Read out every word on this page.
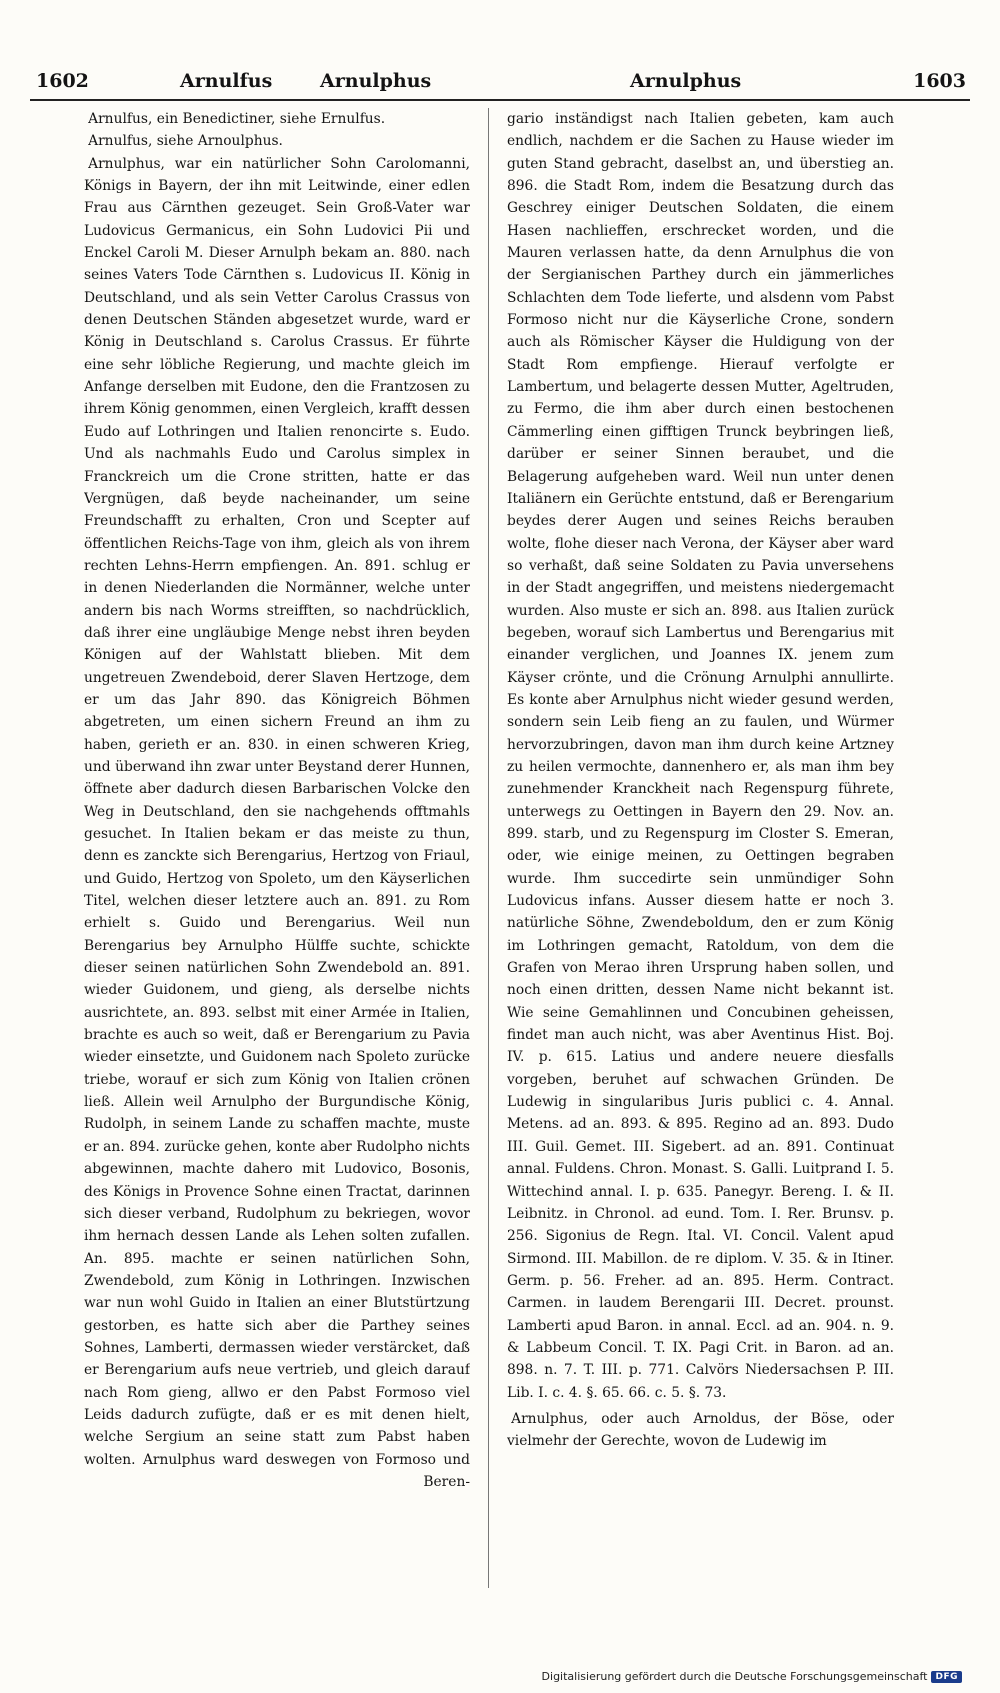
1602	Arnulfus	Arnulphus	Arnulphus	1603

Arnulfus, ein Benedictiner, siehe Ernulfus.

Arnulfus, siehe Arnoulphus.

Arnulphus, war ein natürlicher Sohn Carolomanni, Königs in Bayern, der ihn mit Leitwinde, einer edlen Frau aus Cärnthen gezeuget. Sein Groß-Vater war Ludovicus Germanicus, ein Sohn Ludovici Pii und Enckel Caroli M. Dieser Arnulph bekam an. 880. nach seines Vaters Tode Cärnthen s. Ludovicus II. König in Deutschland, und als sein Vetter Carolus Crassus von denen Deutschen Ständen abgesetzet wurde, ward er König in Deutschland s. Carolus Crassus. Er führte eine sehr löbliche Regierung, und machte gleich im Anfange derselben mit Eudone, den die Frantzosen zu ihrem König genommen, einen Vergleich, krafft dessen Eudo auf Lothringen und Italien renoncirte s. Eudo. Und als nachmahls Eudo und Carolus simplex in Franckreich um die Crone stritten, hatte er das Vergnügen, daß beyde nacheinander, um seine Freundschafft zu erhalten, Cron und Scepter auf öffentlichen Reichs-Tage von ihm, gleich als von ihrem rechten Lehns-Herrn empfiengen. An. 891. schlug er in denen Niederlanden die Normänner, welche unter andern bis nach Worms streifften, so nachdrücklich, daß ihrer eine ungläubige Menge nebst ihren beyden Königen auf der Wahlstatt blieben. Mit dem ungetreuen Zwendeboid, derer Slaven Hertzoge, dem er um das Jahr 890. das Königreich Böhmen abgetreten, um einen sichern Freund an ihm zu haben, gerieth er an. 830. in einen schweren Krieg, und überwand ihn zwar unter Beystand derer Hunnen, öffnete aber dadurch diesen Barbarischen Volcke den Weg in Deutschland, den sie nachgehends offtmahls gesuchet. In Italien bekam er das meiste zu thun, denn es zanckte sich Berengarius, Hertzog von Friaul, und Guido, Hertzog von Spoleto, um den Käyserlichen Titel, welchen dieser letztere auch an. 891. zu Rom erhielt s. Guido und Berengarius. Weil nun Berengarius bey Arnulpho Hülffe suchte, schickte dieser seinen natürlichen Sohn Zwendebold an. 891. wieder Guidonem, und gieng, als derselbe nichts ausrichtete, an. 893. selbst mit einer Armée in Italien, brachte es auch so weit, daß er Berengarium zu Pavia wieder einsetzte, und Guidonem nach Spoleto zurücke triebe, worauf er sich zum König von Italien crönen ließ. Allein weil Arnulpho der Burgundische König, Rudolph, in seinem Lande zu schaffen machte, muste er an. 894. zurücke gehen, konte aber Rudolpho nichts abgewinnen, machte dahero mit Ludovico, Bosonis, des Königs in Provence Sohne einen Tractat, darinnen sich dieser verband, Rudolphum zu bekriegen, wovor ihm hernach dessen Lande als Lehen solten zufallen. An. 895. machte er seinen natürlichen Sohn, Zwendebold, zum König in Lothringen. Inzwischen war nun wohl Guido in Italien an einer Blutstürtzung gestorben, es hatte sich aber die Parthey seines Sohnes, Lamberti, dermassen wieder verstärcket, daß er Berengarium aufs neue vertrieb, und gleich darauf nach Rom gieng, allwo er den Pabst Formoso viel Leids dadurch zufügte, daß er es mit denen hielt, welche Sergium an seine statt zum Pabst haben wolten. Arnulphus ward deswegen von Formoso und Beren-

gario inständigst nach Italien gebeten, kam auch endlich, nachdem er die Sachen zu Hause wieder im guten Stand gebracht, daselbst an, und überstieg an. 896. die Stadt Rom, indem die Besatzung durch das Geschrey einiger Deutschen Soldaten, die einem Hasen nachlieffen, erschrecket worden, und die Mauren verlassen hatte, da denn Arnulphus die von der Sergianischen Parthey durch ein jämmerliches Schlachten dem Tode lieferte, und alsdenn vom Pabst Formoso nicht nur die Käyserliche Crone, sondern auch als Römischer Käyser die Huldigung von der Stadt Rom empfienge. Hierauf verfolgte er Lambertum, und belagerte dessen Mutter, Ageltruden, zu Fermo, die ihm aber durch einen bestochenen Cämmerling einen gifftigen Trunck beybringen ließ, darüber er seiner Sinnen beraubet, und die Belagerung aufgeheben ward. Weil nun unter denen Italiänern ein Gerüchte entstund, daß er Berengarium beydes derer Augen und seines Reichs berauben wolte, flohe dieser nach Verona, der Käyser aber ward so verhaßt, daß seine Soldaten zu Pavia unversehens in der Stadt angegriffen, und meistens niedergemacht wurden. Also muste er sich an. 898. aus Italien zurück begeben, worauf sich Lambertus und Berengarius mit einander verglichen, und Joannes IX. jenem zum Käyser crönte, und die Crönung Arnulphi annullirte. Es konte aber Arnulphus nicht wieder gesund werden, sondern sein Leib fieng an zu faulen, und Würmer hervorzubringen, davon man ihm durch keine Artzney zu heilen vermochte, dannenhero er, als man ihm bey zunehmender Kranckheit nach Regenspurg führete, unterwegs zu Oettingen in Bayern den 29. Nov. an. 899. starb, und zu Regenspurg im Closter S. Emeran, oder, wie einige meinen, zu Oettingen begraben wurde. Ihm succedirte sein unmündiger Sohn Ludovicus infans. Ausser diesem hatte er noch 3. natürliche Söhne, Zwendeboldum, den er zum König im Lothringen gemacht, Ratoldum, von dem die Grafen von Merao ihren Ursprung haben sollen, und noch einen dritten, dessen Name nicht bekannt ist. Wie seine Gemahlinnen und Concubinen geheissen, findet man auch nicht, was aber Aventinus Hist. Boj. IV. p. 615. Latius und andere neuere diesfalls vorgeben, beruhet auf schwachen Gründen. De Ludewig in singularibus Juris publici c. 4. Annal. Metens. ad an. 893. & 895. Regino ad an. 893. Dudo III. Guil. Gemet. III. Sigebert. ad an. 891. Continuat annal. Fuldens. Chron. Monast. S. Galli. Luitprand I. 5. Wittechind annal. I. p. 635. Panegyr. Bereng. I. & II. Leibnitz. in Chronol. ad eund. Tom. I. Rer. Brunsv. p. 256. Sigonius de Regn. Ital. VI. Concil. Valent apud Sirmond. III. Mabillon. de re diplom. V. 35. & in Itiner. Germ. p. 56. Freher. ad an. 895. Herm. Contract. Carmen. in laudem Berengarii III. Decret. prounst. Lamberti apud Baron. in annal. Eccl. ad an. 904. n. 9. & Labbeum Concil. T. IX. Pagi Crit. in Baron. ad an. 898. n. 7. T. III. p. 771. Calvörs Niedersachsen P. III. Lib. I. c. 4. §. 65. 66. c. 5. §. 73.

Arnulphus, oder auch Arnoldus, der Böse, oder vielmehr der Gerechte, wovon de Ludewig im

Digitalisierung gefördert durch die Deutsche Forschungsgemeinschaft DFG
